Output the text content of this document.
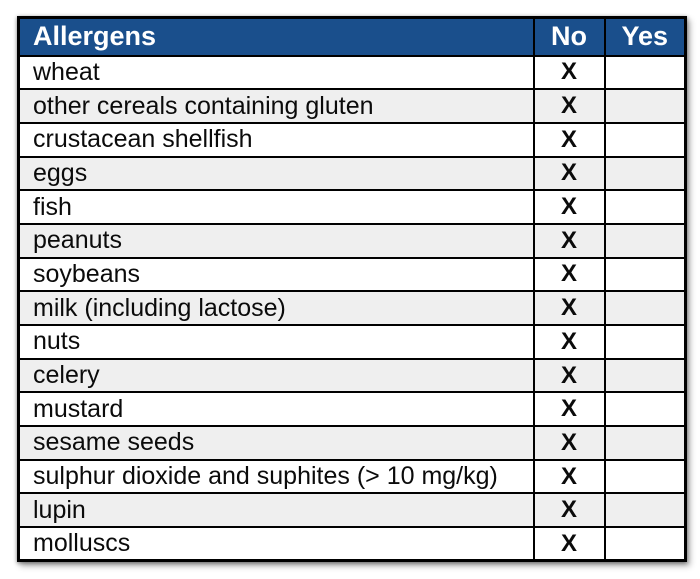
Allergens	No	Yes
wheat	X	
other cereals containing gluten	X	
crustacean shellfish	X	
eggs	X	
fish	X	
peanuts	X	
soybeans	X	
milk (including lactose)	X	
nuts	X	
celery	X	
mustard	X	
sesame seeds	X	
sulphur dioxide and suphites (> 10 mg/kg)	X	
lupin	X	
molluscs	X	
